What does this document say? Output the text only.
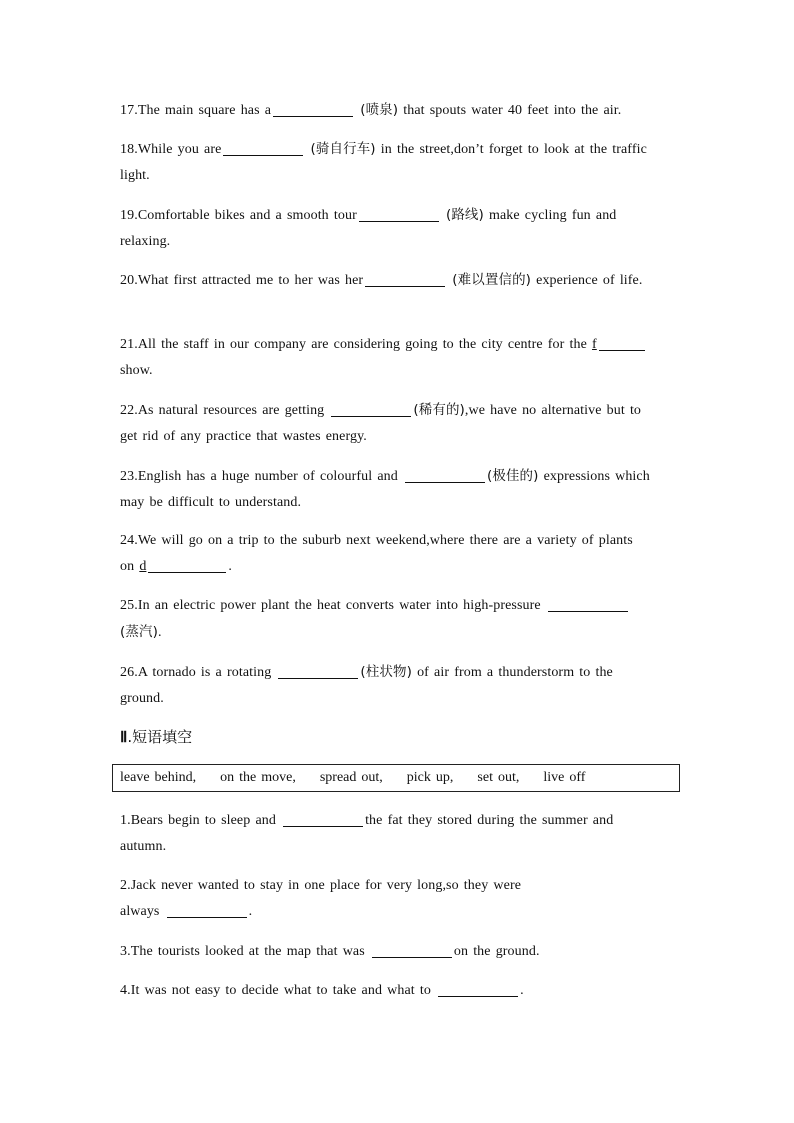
17.The main square has a	(喷泉) that spouts water 40 feet into the air.

18.While you are	(骑自行车) in the street,don’t forget to look at the traffic light.

19.Comfortable bikes and a smooth tour	(路线) make cycling fun and relaxing.

20.What first attracted me to her was her	(难以置信的) experience of life.

21.All the staff in our company are considering going to the city centre for the f show.

22.As natural resources are getting	(稀有的),we have no alternative but to get rid of any practice that wastes energy.

23.English has a huge number of colourful and	(极佳的) expressions which may be difficult to understand.

24.We will go on a trip to the suburb next weekend,where there are a variety of plants on d	.

25.In an electric power plant the heat converts water into high-pressure  (蒸汽).

26.A tornado is a rotating	(柱状物) of air from a thunderstorm to the ground.

Ⅱ.短语填空
leave behind, on the move, spread out, pick up, set out, live off

1.Bears begin to sleep and	the fat they stored during the summer and autumn.

2.Jack never wanted to stay in one place for very long,so they were always	.

3.The tourists looked at the map that was	on the ground.

4.It was not easy to decide what to take and what to	.
